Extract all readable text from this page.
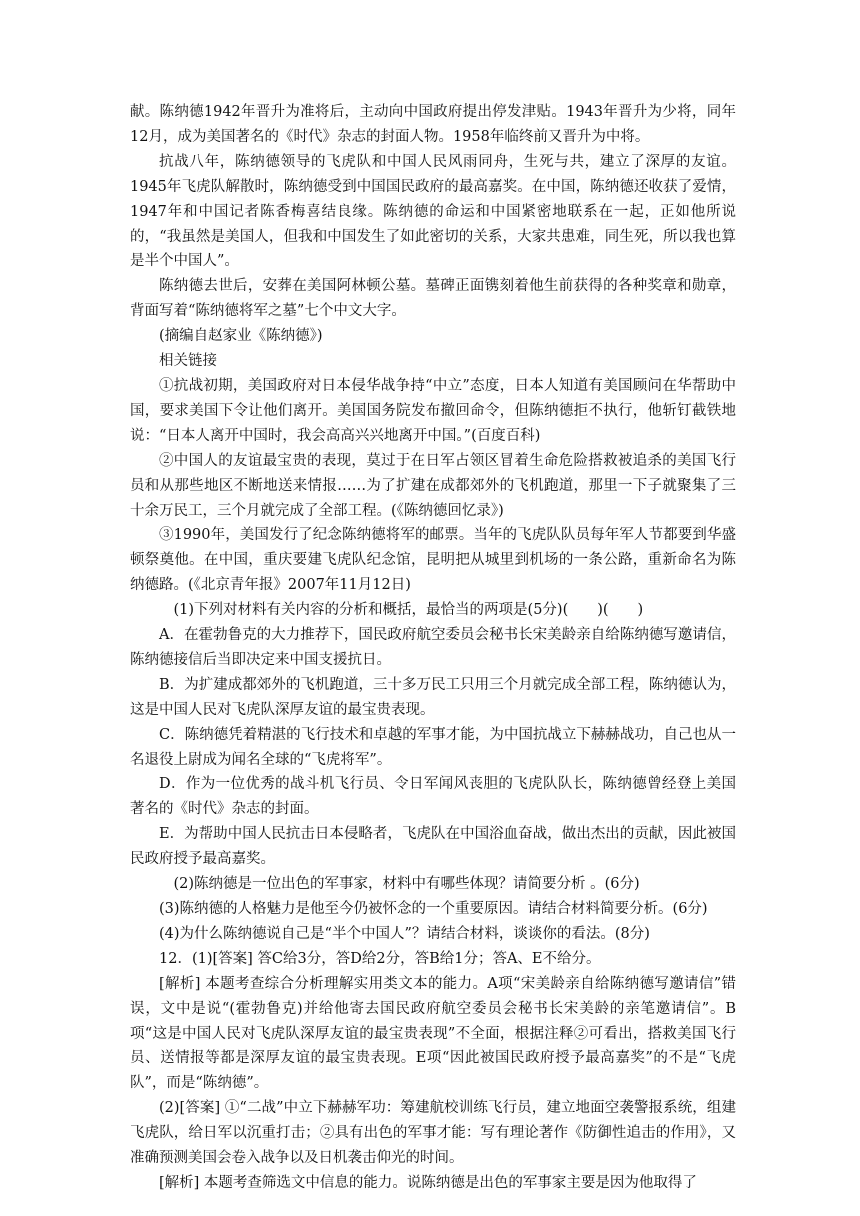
献。陈纳德1942年晋升为准将后，主动向中国政府提出停发津贴。1943年晋升为少将，同年12月，成为美国著名的《时代》杂志的封面人物。1958年临终前又晋升为中将。

抗战八年，陈纳德领导的飞虎队和中国人民风雨同舟，生死与共，建立了深厚的友谊。1945年飞虎队解散时，陈纳德受到中国国民政府的最高嘉奖。在中国，陈纳德还收获了爱情，1947年和中国记者陈香梅喜结良缘。陈纳德的命运和中国紧密地联系在一起，正如他所说的，“我虽然是美国人，但我和中国发生了如此密切的关系，大家共患难，同生死，所以我也算是半个中国人”。

陈纳德去世后，安葬在美国阿林顿公墓。墓碑正面镌刻着他生前获得的各种奖章和勋章，背面写着“陈纳德将军之墓”七个中文大字。

(摘编自赵家业《陈纳德》)

相关链接

①抗战初期，美国政府对日本侵华战争持“中立”态度，日本人知道有美国顾问在华帮助中国，要求美国下令让他们离开。美国国务院发布撤回命令，但陈纳德拒不执行，他斩钉截铁地说：“日本人离开中国时，我会高高兴兴地离开中国。”(百度百科)

②中国人的友谊最宝贵的表现，莫过于在日军占领区冒着生命危险搭救被追杀的美国飞行员和从那些地区不断地送来情报……为了扩建在成都郊外的飞机跑道，那里一下子就聚集了三十余万民工，三个月就完成了全部工程。(《陈纳德回忆录》)

③1990年，美国发行了纪念陈纳德将军的邮票。当年的飞虎队队员每年军人节都要到华盛顿祭奠他。在中国，重庆要建飞虎队纪念馆，昆明把从城里到机场的一条公路，重新命名为陈纳德路。(《北京青年报》2007年11月12日)

(1)下列对材料有关内容的分析和概括，最恰当的两项是(5分)(　　)(　　)

A．在霍勃鲁克的大力推荐下，国民政府航空委员会秘书长宋美龄亲自给陈纳德写邀请信，陈纳德接信后当即决定来中国支援抗日。

B．为扩建成都郊外的飞机跑道，三十多万民工只用三个月就完成全部工程，陈纳德认为，这是中国人民对飞虎队深厚友谊的最宝贵表现。

C．陈纳德凭着精湛的飞行技术和卓越的军事才能，为中国抗战立下赫赫战功，自己也从一名退役上尉成为闻名全球的“飞虎将军”。

D．作为一位优秀的战斗机飞行员、令日军闻风丧胆的飞虎队队长，陈纳德曾经登上美国著名的《时代》杂志的封面。

E．为帮助中国人民抗击日本侵略者，飞虎队在中国浴血奋战，做出杰出的贡献，因此被国民政府授予最高嘉奖。

(2)陈纳德是一位出色的军事家，材料中有哪些体现？请简要分析 。(6分)

(3)陈纳德的人格魅力是他至今仍被怀念的一个重要原因。请结合材料简要分析。(6分)

(4)为什么陈纳德说自己是“半个中国人”？请结合材料，谈谈你的看法。(8分)

12．(1)[答案] 答C给3分，答D给2分，答B给1分；答A、E不给分。

[解析] 本题考查综合分析理解实用类文本的能力。A项“宋美龄亲自给陈纳德写邀请信”错误，文中是说“(霍勃鲁克)并给他寄去国民政府航空委员会秘书长宋美龄的亲笔邀请信”。B项“这是中国人民对飞虎队深厚友谊的最宝贵表现”不全面，根据注释②可看出，搭救美国飞行员、送情报等都是深厚友谊的最宝贵表现。E项“因此被国民政府授予最高嘉奖”的不是“飞虎队”，而是“陈纳德”。

(2)[答案] ①“二战”中立下赫赫军功：筹建航校训练飞行员，建立地面空袭警报系统，组建飞虎队，给日军以沉重打击；②具有出色的军事才能：写有理论著作《防御性追击的作用》，又准确预测美国会卷入战争以及日机袭击仰光的时间。

[解析] 本题考查筛选文中信息的能力。说陈纳德是出色的军事家主要是因为他取得了
